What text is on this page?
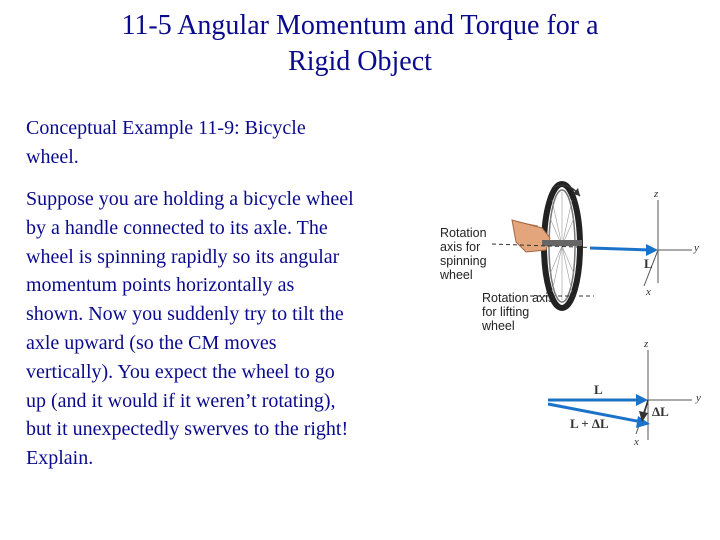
11-5 Angular Momentum and Torque for a
Rigid Object
Conceptual Example 11-9: Bicycle
wheel.
Suppose you are holding a bicycle wheel
by a handle connected to its axle. The
wheel is spinning rapidly so its angular
momentum points horizontally as
shown. Now you suddenly try to tilt the
axle upward (so the CM moves
vertically). You expect the wheel to go
up (and it would if it weren’t rotating),
but it unexpectedly swerves to the right!
Explain.
Rotation
axis for
spinning
wheel
Rotation axis
for lifting
wheel
z
y
x
L
z
y
x
L
L + ΔL
ΔL
